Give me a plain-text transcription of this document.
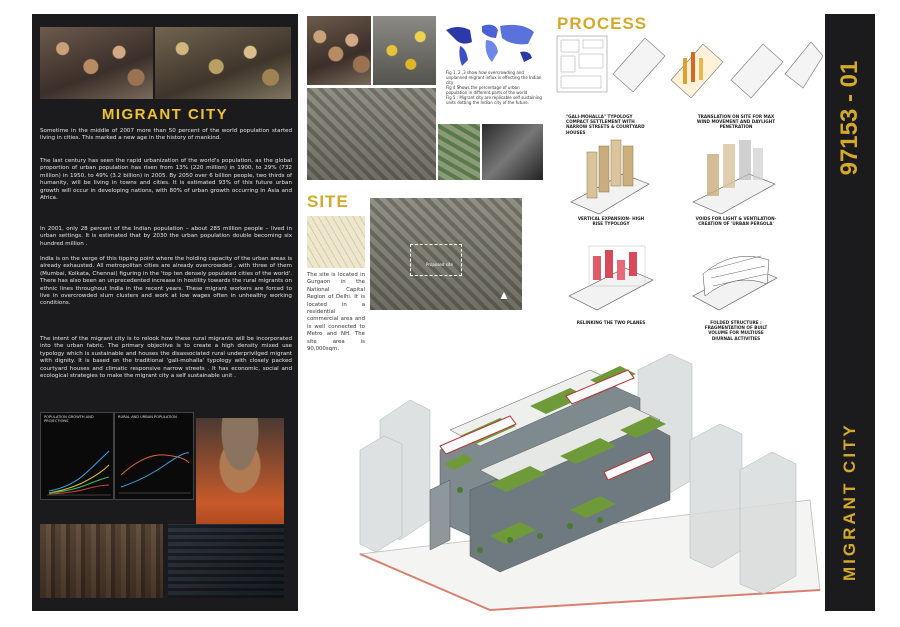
MIGRANT CITY

Sometime in the middle of 2007 more than 50 percent of the world population started living in cities. This marked a new age in the history of mankind.

The last century has seen the rapid urbanization of the world's population, as the global proportion of urban population has risen from 13% (220 million) in 1900, to 29% (732 million) in 1950, to 49% (3.2 billion) in 2005. By 2050 over 6 billion people, two thirds of humanity, will be living in towns and cities. It is estimated 93% of this future urban growth will occur in developing nations, with 80% of urban growth occurring in Asia and Africa.

In 2001, only 28 percent of the Indian population – about 285 million people – lived in urban settings. It is estimated that by 2030 the urban population double becoming six hundred million .

India is on the verge of this tipping point where the holding capacity of the urban areas is already exhausted. All metropolitan cities are already overcrowded , with three of them (Mumbai, Kolkata, Chennai) figuring in the 'top ten densely populated cities of the world'. There has also been an unprecedented increase in hostility towards the rural migrants on ethnic lines throughout India in the recent years. These migrant workers are forced to live in overcrowded slum clusters and work at low wages often in unhealthy working conditions.

The intent of the migrant city is to relook how these rural migrants will be incorporated into the urban fabric. The primary objective is to create a high density mixed use typology which is sustainable and houses the disassociated rural underprivilged migrant with dignity. It is based on the traditional 'gali-mohalla' typology with closely packed courtyard houses and climatic responsive narrow streets . It has economic, social and ecological strategies to make the migrant city a self sustainable unit .

POPULATION GROWTH AND PROJECTIONS
RURAL AND URBAN POPULATION
Fig 1, 2 ,3 show how overcrowding and unplanned migrant influx is effecting the Indian city
Fig 4 Shows the percentage of urban population in different parts of the world
Fig 5 : Migrant city are replicable self sustaining units dotting the Indian city of the future.
SITE

The site is located in Gurgaon in the National Capital Region of Delhi. It is located in a residential commercial area and is well connected to Metro and NH. The site area is 90,000sqm.

Proposed site
▲
PROCESS
"GALI-MOHALLA" TYPOLOGY
COMPACT SETTLEMENT WITH
NARROW STREETS & COURTYARD
HOUSES
TRANSLATION ON SITE FOR MAX
WIND MOVEMENT AND DAYLIGHT
PENETRATION
VERTICAL EXPANSION- HIGH
RISE TYPOLOGY
VOIDS FOR LIGHT & VENTILATION-
CREATION OF 'URBAN PERGOLA'
RELINKING THE TWO PLANES	FOLDED STRUCTURE :
FRAGMENTATION OF BUILT
VOLUME FOR MULTIUSE
DIURNAL ACTIVITIES
97153 - 01
MIGRANT CITY
